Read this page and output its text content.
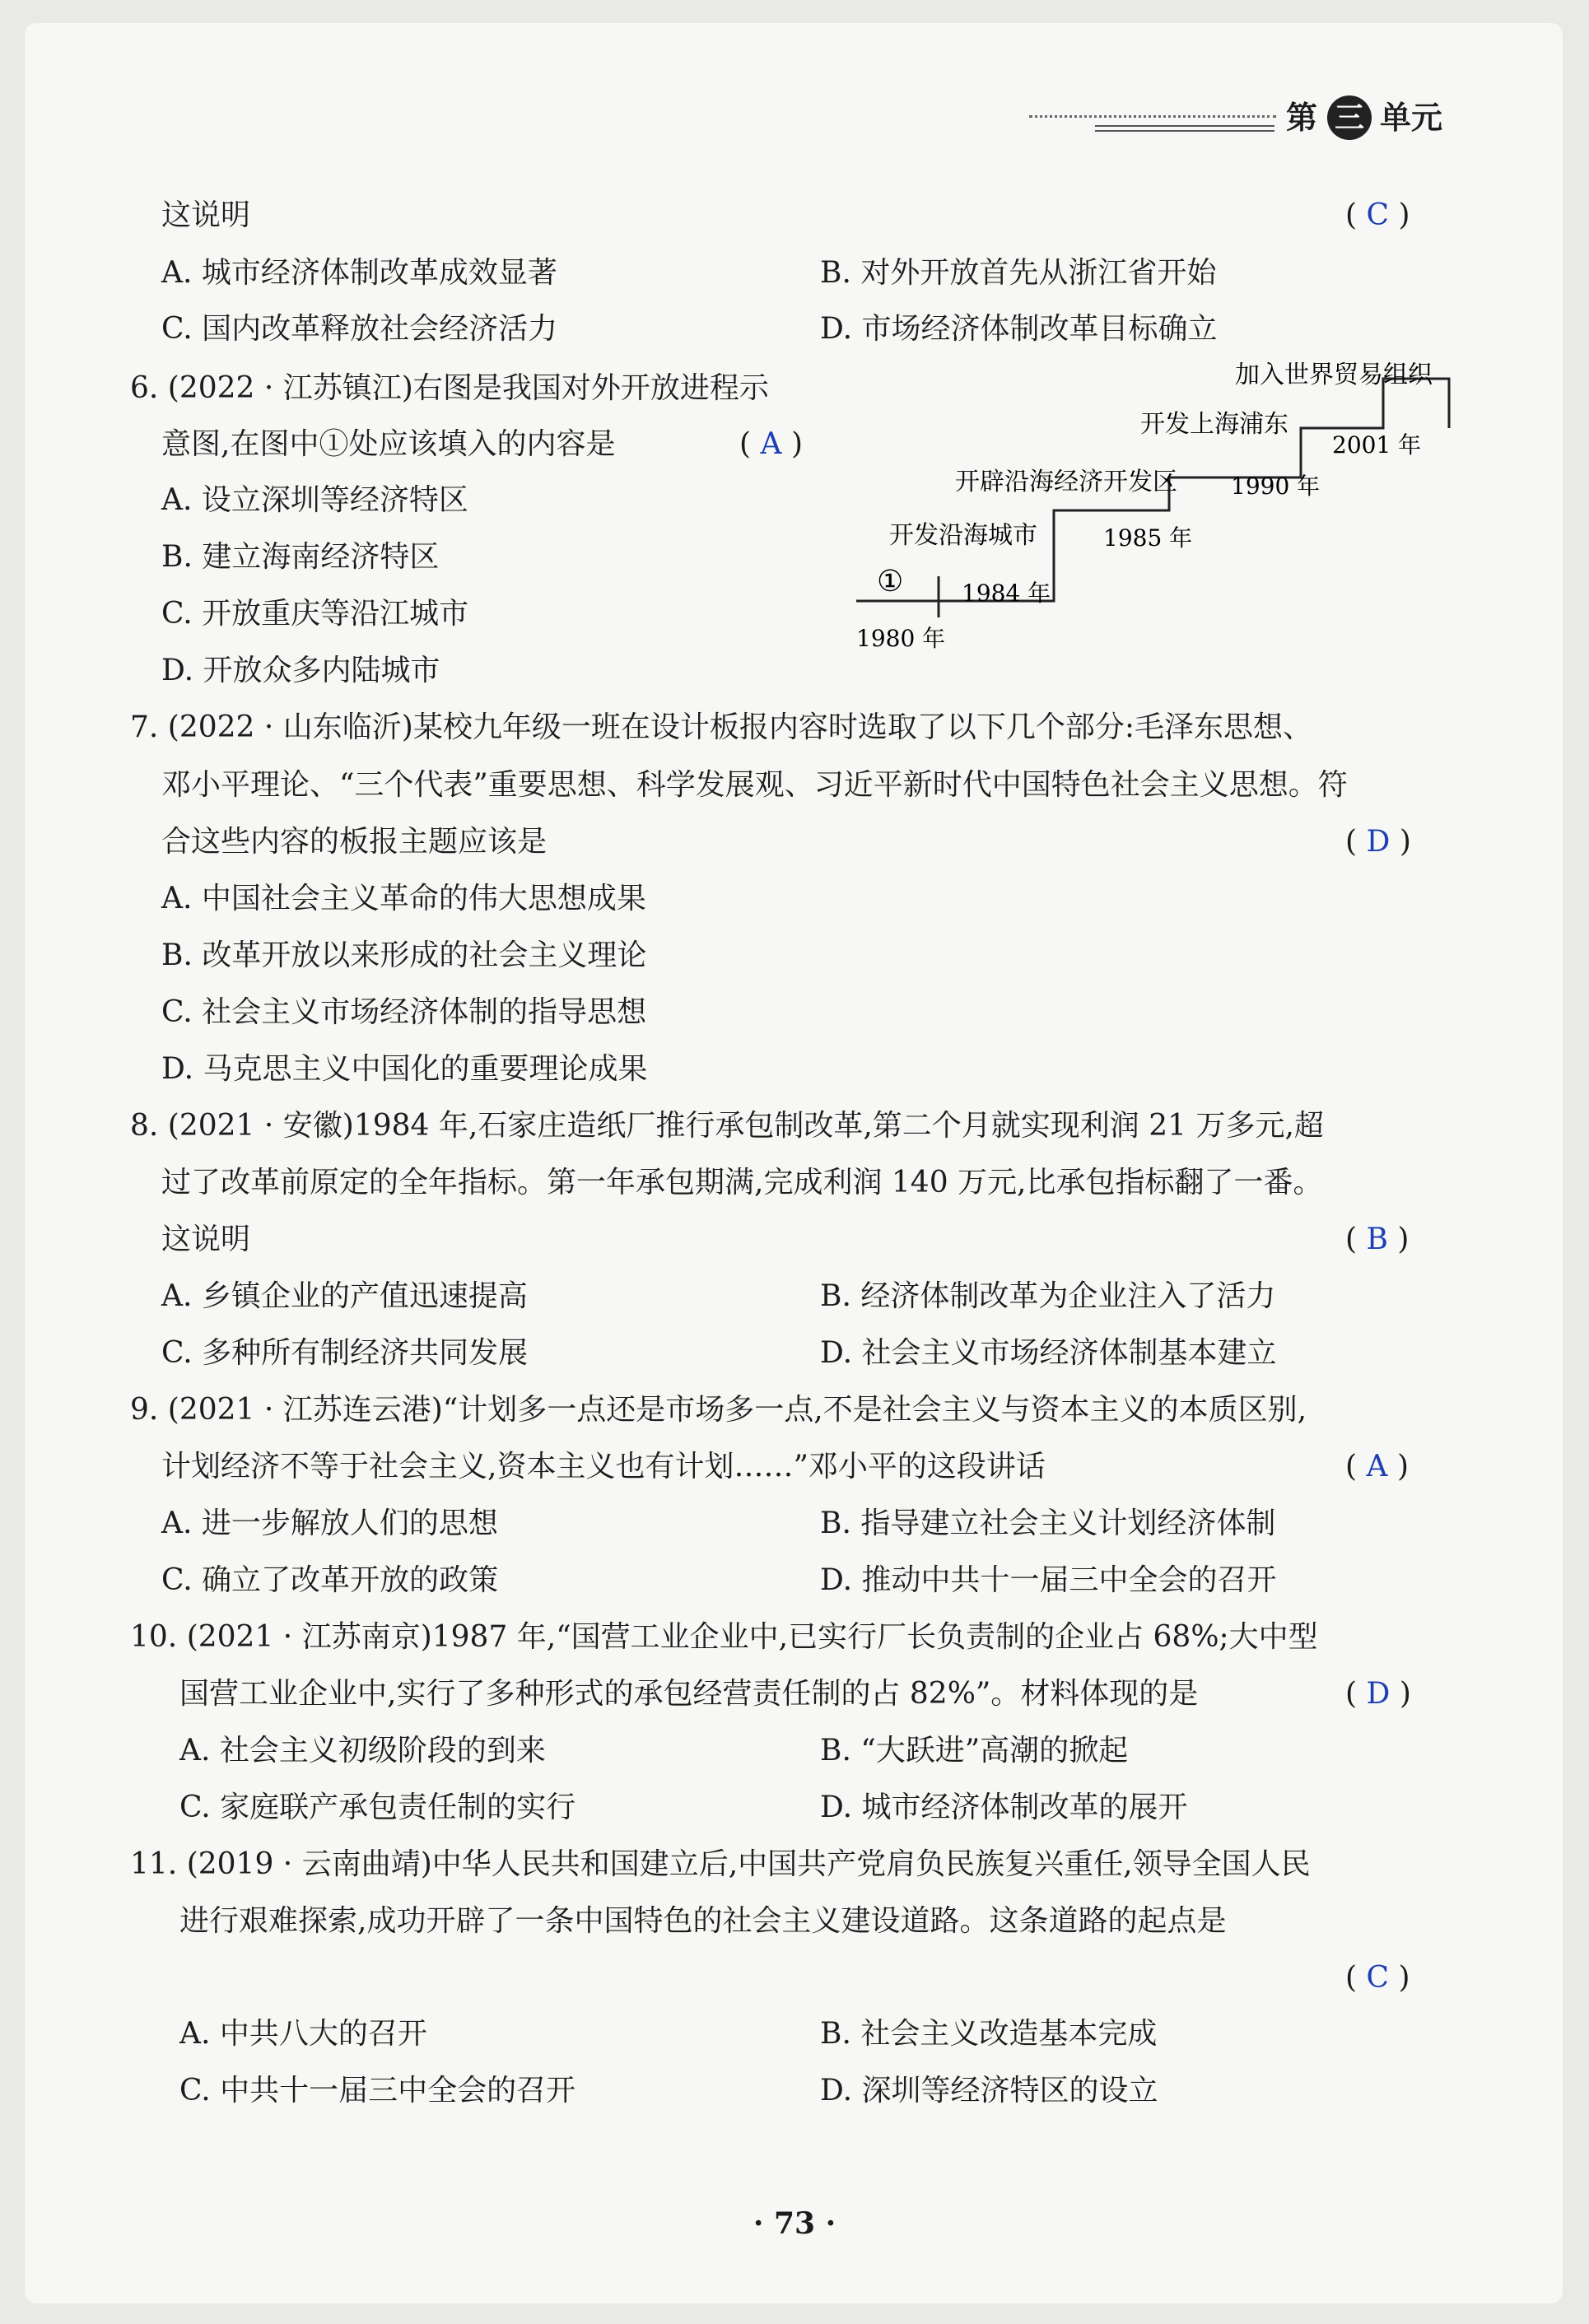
第 三 单元
这说明	( C )
A. 城市经济体制改革成效显著	B. 对外开放首先从浙江省开始
C. 国内改革释放社会经济活力	D. 市场经济体制改革目标确立
6. (2022 · 江苏镇江)右图是我国对外开放进程示
意图,在图中①处应该填入的内容是	( A )
A. 设立深圳等经济特区
B. 建立海南经济特区
C. 开放重庆等沿江城市
D. 开放众多内陆城市
①
1980 年
开发沿海城市
1984 年
开辟沿海经济开发区
1985 年
开发上海浦东
1990 年
加入世界贸易组织
2001 年
7. (2022 · 山东临沂)某校九年级一班在设计板报内容时选取了以下几个部分:毛泽东思想、
邓小平理论、“三个代表”重要思想、科学发展观、习近平新时代中国特色社会主义思想。符
合这些内容的板报主题应该是	( D )
A. 中国社会主义革命的伟大思想成果
B. 改革开放以来形成的社会主义理论
C. 社会主义市场经济体制的指导思想
D. 马克思主义中国化的重要理论成果
8. (2021 · 安徽)1984 年,石家庄造纸厂推行承包制改革,第二个月就实现利润 21 万多元,超
过了改革前原定的全年指标。第一年承包期满,完成利润 140 万元,比承包指标翻了一番。
这说明	( B )
A. 乡镇企业的产值迅速提高	B. 经济体制改革为企业注入了活力
C. 多种所有制经济共同发展	D. 社会主义市场经济体制基本建立
9. (2021 · 江苏连云港)“计划多一点还是市场多一点,不是社会主义与资本主义的本质区别,
计划经济不等于社会主义,资本主义也有计划……”邓小平的这段讲话	( A )
A. 进一步解放人们的思想	B. 指导建立社会主义计划经济体制
C. 确立了改革开放的政策	D. 推动中共十一届三中全会的召开
10. (2021 · 江苏南京)1987 年,“国营工业企业中,已实行厂长负责制的企业占 68%;大中型
国营工业企业中,实行了多种形式的承包经营责任制的占 82%”。材料体现的是	( D )
A. 社会主义初级阶段的到来	B. “大跃进”高潮的掀起
C. 家庭联产承包责任制的实行	D. 城市经济体制改革的展开
11. (2019 · 云南曲靖)中华人民共和国建立后,中国共产党肩负民族复兴重任,领导全国人民
进行艰难探索,成功开辟了一条中国特色的社会主义建设道路。这条道路的起点是
( C )
A. 中共八大的召开	B. 社会主义改造基本完成
C. 中共十一届三中全会的召开	D. 深圳等经济特区的设立
· 73 ·
